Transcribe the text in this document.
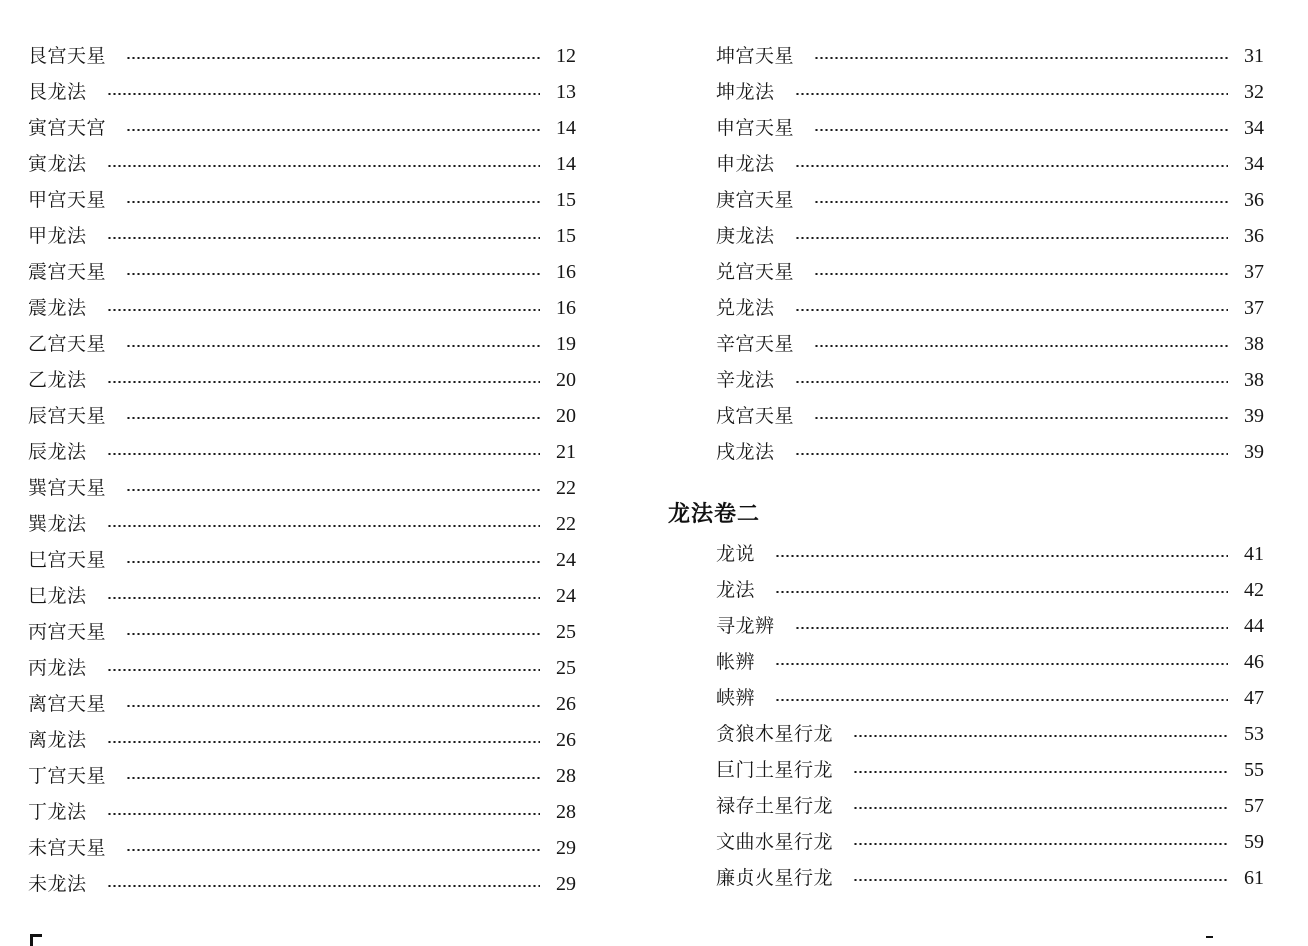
艮宫天星	12
艮龙法	13
寅宫天宫	14
寅龙法	14
甲宫天星	15
甲龙法	15
震宫天星	16
震龙法	16
乙宫天星	19
乙龙法	20
辰宫天星	20
辰龙法	21
巽宫天星	22
巽龙法	22
巳宫天星	24
巳龙法	24
丙宫天星	25
丙龙法	25
离宫天星	26
离龙法	26
丁宫天星	28
丁龙法	28
未宫天星	29
未龙法	29
坤宫天星	31
坤龙法	32
申宫天星	34
申龙法	34
庚宫天星	36
庚龙法	36
兑宫天星	37
兑龙法	37
辛宫天星	38
辛龙法	38
戌宫天星	39
戌龙法	39
龙法卷二
龙说	41
龙法	42
寻龙辨	44
帐辨	46
峡辨	47
贪狼木星行龙	53
巨门土星行龙	55
禄存土星行龙	57
文曲水星行龙	59
廉贞火星行龙	61
